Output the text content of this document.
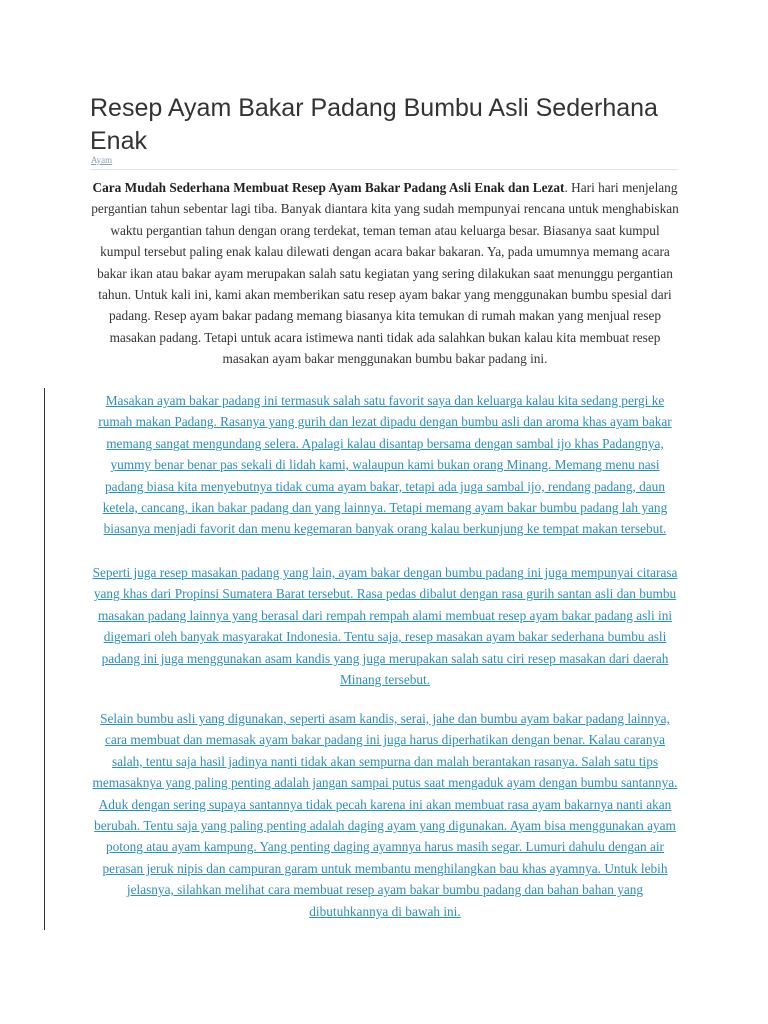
Resep Ayam Bakar Padang Bumbu Asli Sederhana Enak
Ayam

Cara Mudah Sederhana Membuat Resep Ayam Bakar Padang Asli Enak dan Lezat. Hari hari menjelang pergantian tahun sebentar lagi tiba. Banyak diantara kita yang sudah mempunyai rencana untuk menghabiskan waktu pergantian tahun dengan orang terdekat, teman teman atau keluarga besar. Biasanya saat kumpul kumpul tersebut paling enak kalau dilewati dengan acara bakar bakaran. Ya, pada umumnya memang acara bakar ikan atau bakar ayam merupakan salah satu kegiatan yang sering dilakukan saat menunggu pergantian tahun. Untuk kali ini, kami akan memberikan satu resep ayam bakar yang menggunakan bumbu spesial dari padang. Resep ayam bakar padang memang biasanya kita temukan di rumah makan yang menjual resep masakan padang. Tetapi untuk acara istimewa nanti tidak ada salahkan bukan kalau kita membuat resep masakan ayam bakar menggunakan bumbu bakar padang ini.

Masakan ayam bakar padang ini termasuk salah satu favorit saya dan keluarga kalau kita sedang pergi ke rumah makan Padang. Rasanya yang gurih dan lezat dipadu dengan bumbu asli dan aroma khas ayam bakar memang sangat mengundang selera. Apalagi kalau disantap bersama dengan sambal ijo khas Padangnya, yummy benar benar pas sekali di lidah kami, walaupun kami bukan orang Minang. Memang menu nasi padang biasa kita menyebutnya tidak cuma ayam bakar, tetapi ada juga sambal ijo, rendang padang, daun ketela, cancang, ikan bakar padang dan yang lainnya. Tetapi memang ayam bakar bumbu padang lah yang biasanya menjadi favorit dan menu kegemaran banyak orang kalau berkunjung ke tempat makan tersebut.

Seperti juga resep masakan padang yang lain, ayam bakar dengan bumbu padang ini juga mempunyai citarasa yang khas dari Propinsi Sumatera Barat tersebut. Rasa pedas dibalut dengan rasa gurih santan asli dan bumbu masakan padang lainnya yang berasal dari rempah rempah alami membuat resep ayam bakar padang asli ini digemari oleh banyak masyarakat Indonesia. Tentu saja, resep masakan ayam bakar sederhana bumbu asli padang ini juga menggunakan asam kandis yang juga merupakan salah satu ciri resep masakan dari daerah Minang tersebut.

Selain bumbu asli yang digunakan, seperti asam kandis, serai, jahe dan bumbu ayam bakar padang lainnya, cara membuat dan memasak ayam bakar padang ini juga harus diperhatikan dengan benar. Kalau caranya salah, tentu saja hasil jadinya nanti tidak akan sempurna dan malah berantakan rasanya. Salah satu tips memasaknya yang paling penting adalah jangan sampai putus saat mengaduk ayam dengan bumbu santannya. Aduk dengan sering supaya santannya tidak pecah karena ini akan membuat rasa ayam bakarnya nanti akan berubah. Tentu saja yang paling penting adalah daging ayam yang digunakan. Ayam bisa menggunakan ayam potong atau ayam kampung. Yang penting daging ayamnya harus masih segar. Lumuri dahulu dengan air perasan jeruk nipis dan campuran garam untuk membantu menghilangkan bau khas ayamnya. Untuk lebih jelasnya, silahkan melihat cara membuat resep ayam bakar bumbu padang dan bahan bahan yang dibutuhkannya di bawah ini.
